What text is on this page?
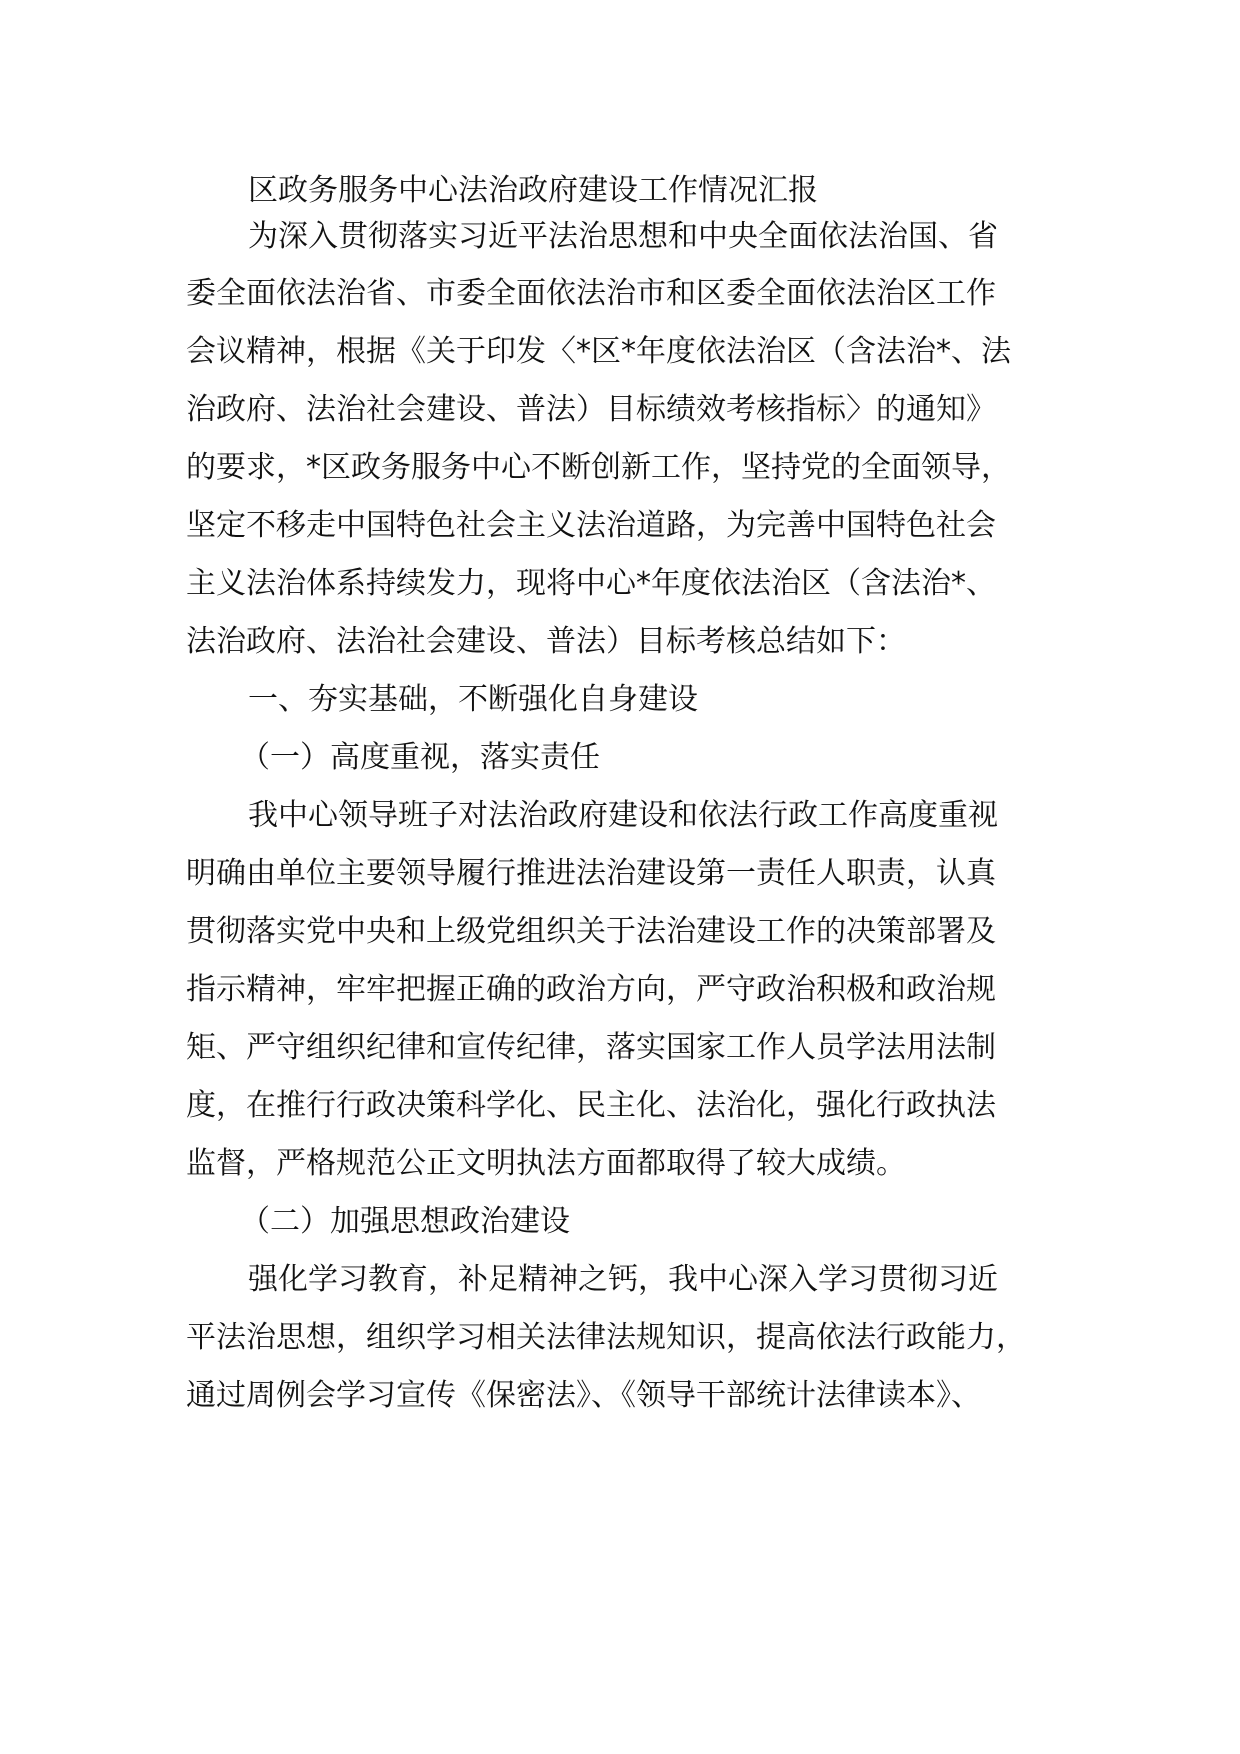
区政务服务中心法治政府建设工作情况汇报
为深入贯彻落实习近平法治思想和中央全面依法治国、省
委全面依法治省、市委全面依法治市和区委全面依法治区工作
会议精神，根据《关于印发〈*区*年度依法治区（含法治*、法
治政府、法治社会建设、普法）目标绩效考核指标〉的通知》
的要求，*区政务服务中心不断创新工作，坚持党的全面领导，
坚定不移走中国特色社会主义法治道路，为完善中国特色社会
主义法治体系持续发力，现将中心*年度依法治区（含法治*、
法治政府、法治社会建设、普法）目标考核总结如下：
一、夯实基础，不断强化自身建设
（一）高度重视，落实责任
我中心领导班子对法治政府建设和依法行政工作高度重视
明确由单位主要领导履行推进法治建设第一责任人职责，认真
贯彻落实党中央和上级党组织关于法治建设工作的决策部署及
指示精神，牢牢把握正确的政治方向，严守政治积极和政治规
矩、严守组织纪律和宣传纪律，落实国家工作人员学法用法制
度，在推行行政决策科学化、民主化、法治化，强化行政执法
监督，严格规范公正文明执法方面都取得了较大成绩。
（二）加强思想政治建设
强化学习教育，补足精神之钙，我中心深入学习贯彻习近
平法治思想，组织学习相关法律法规知识，提高依法行政能力，
通过周例会学习宣传《保密法》、《领导干部统计法律读本》、
